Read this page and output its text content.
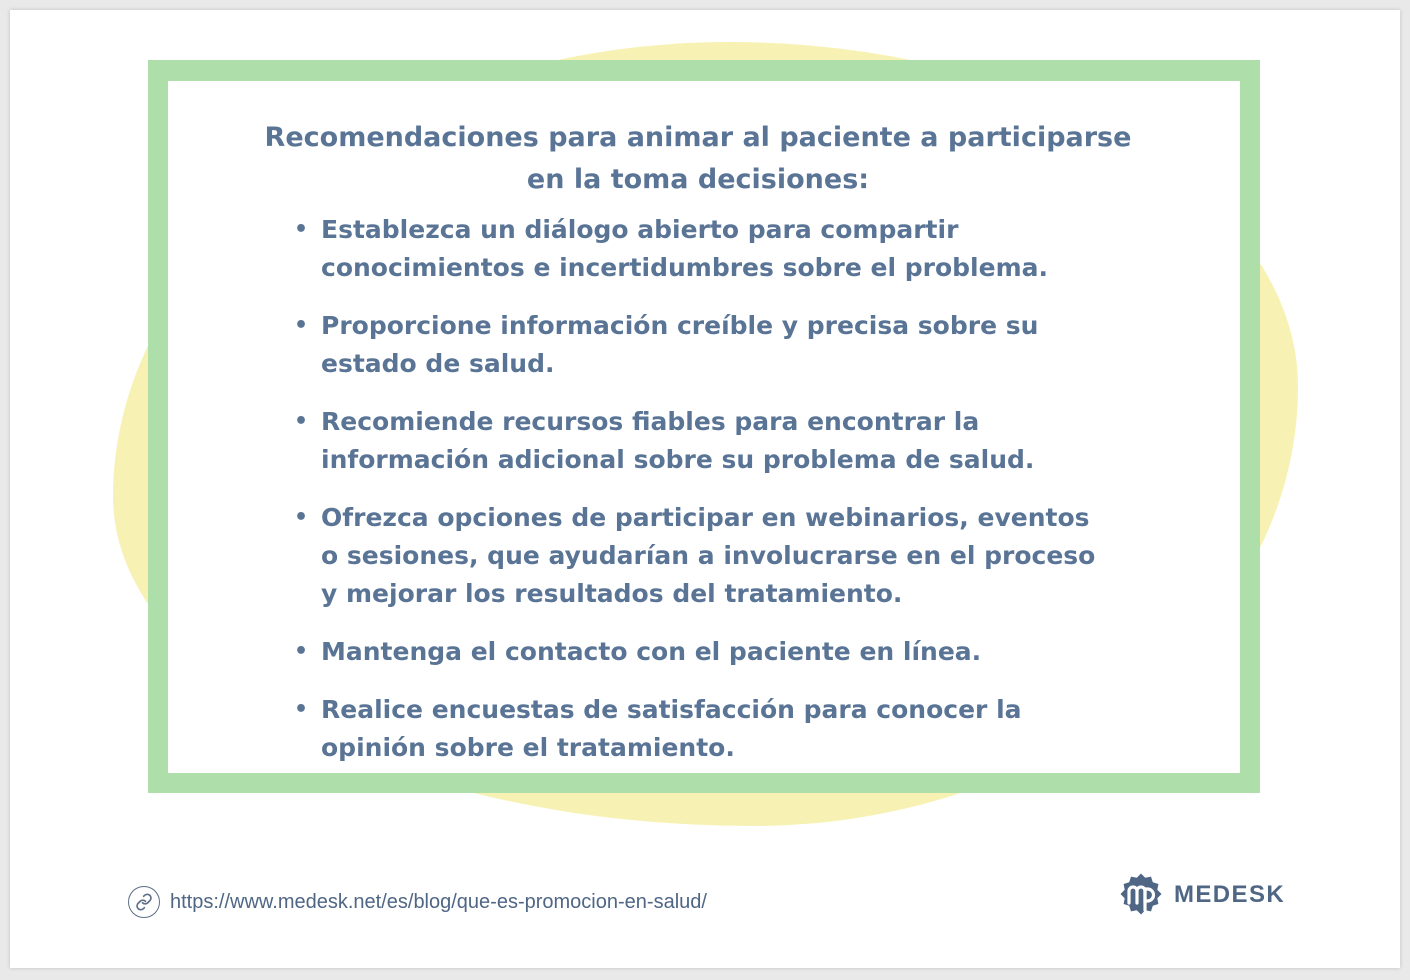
Recomendaciones para animar al paciente a participarse
en la toma decisiones:
• Establezca un diálogo abierto para compartir conocimientos e incertidumbres sobre el problema.
• Proporcione información creíble y precisa sobre su estado de salud.
• Recomiende recursos fiables para encontrar la información adicional sobre su problema de salud.
• Ofrezca opciones de participar en webinarios, eventos o sesiones, que ayudarían a involucrarse en el proceso y mejorar los resultados del tratamiento.
• Mantenga el contacto con el paciente en línea.
• Realice encuestas de satisfacción para conocer la opinión sobre el tratamiento.
https://www.medesk.net/es/blog/que-es-promocion-en-salud/	MEDESK
